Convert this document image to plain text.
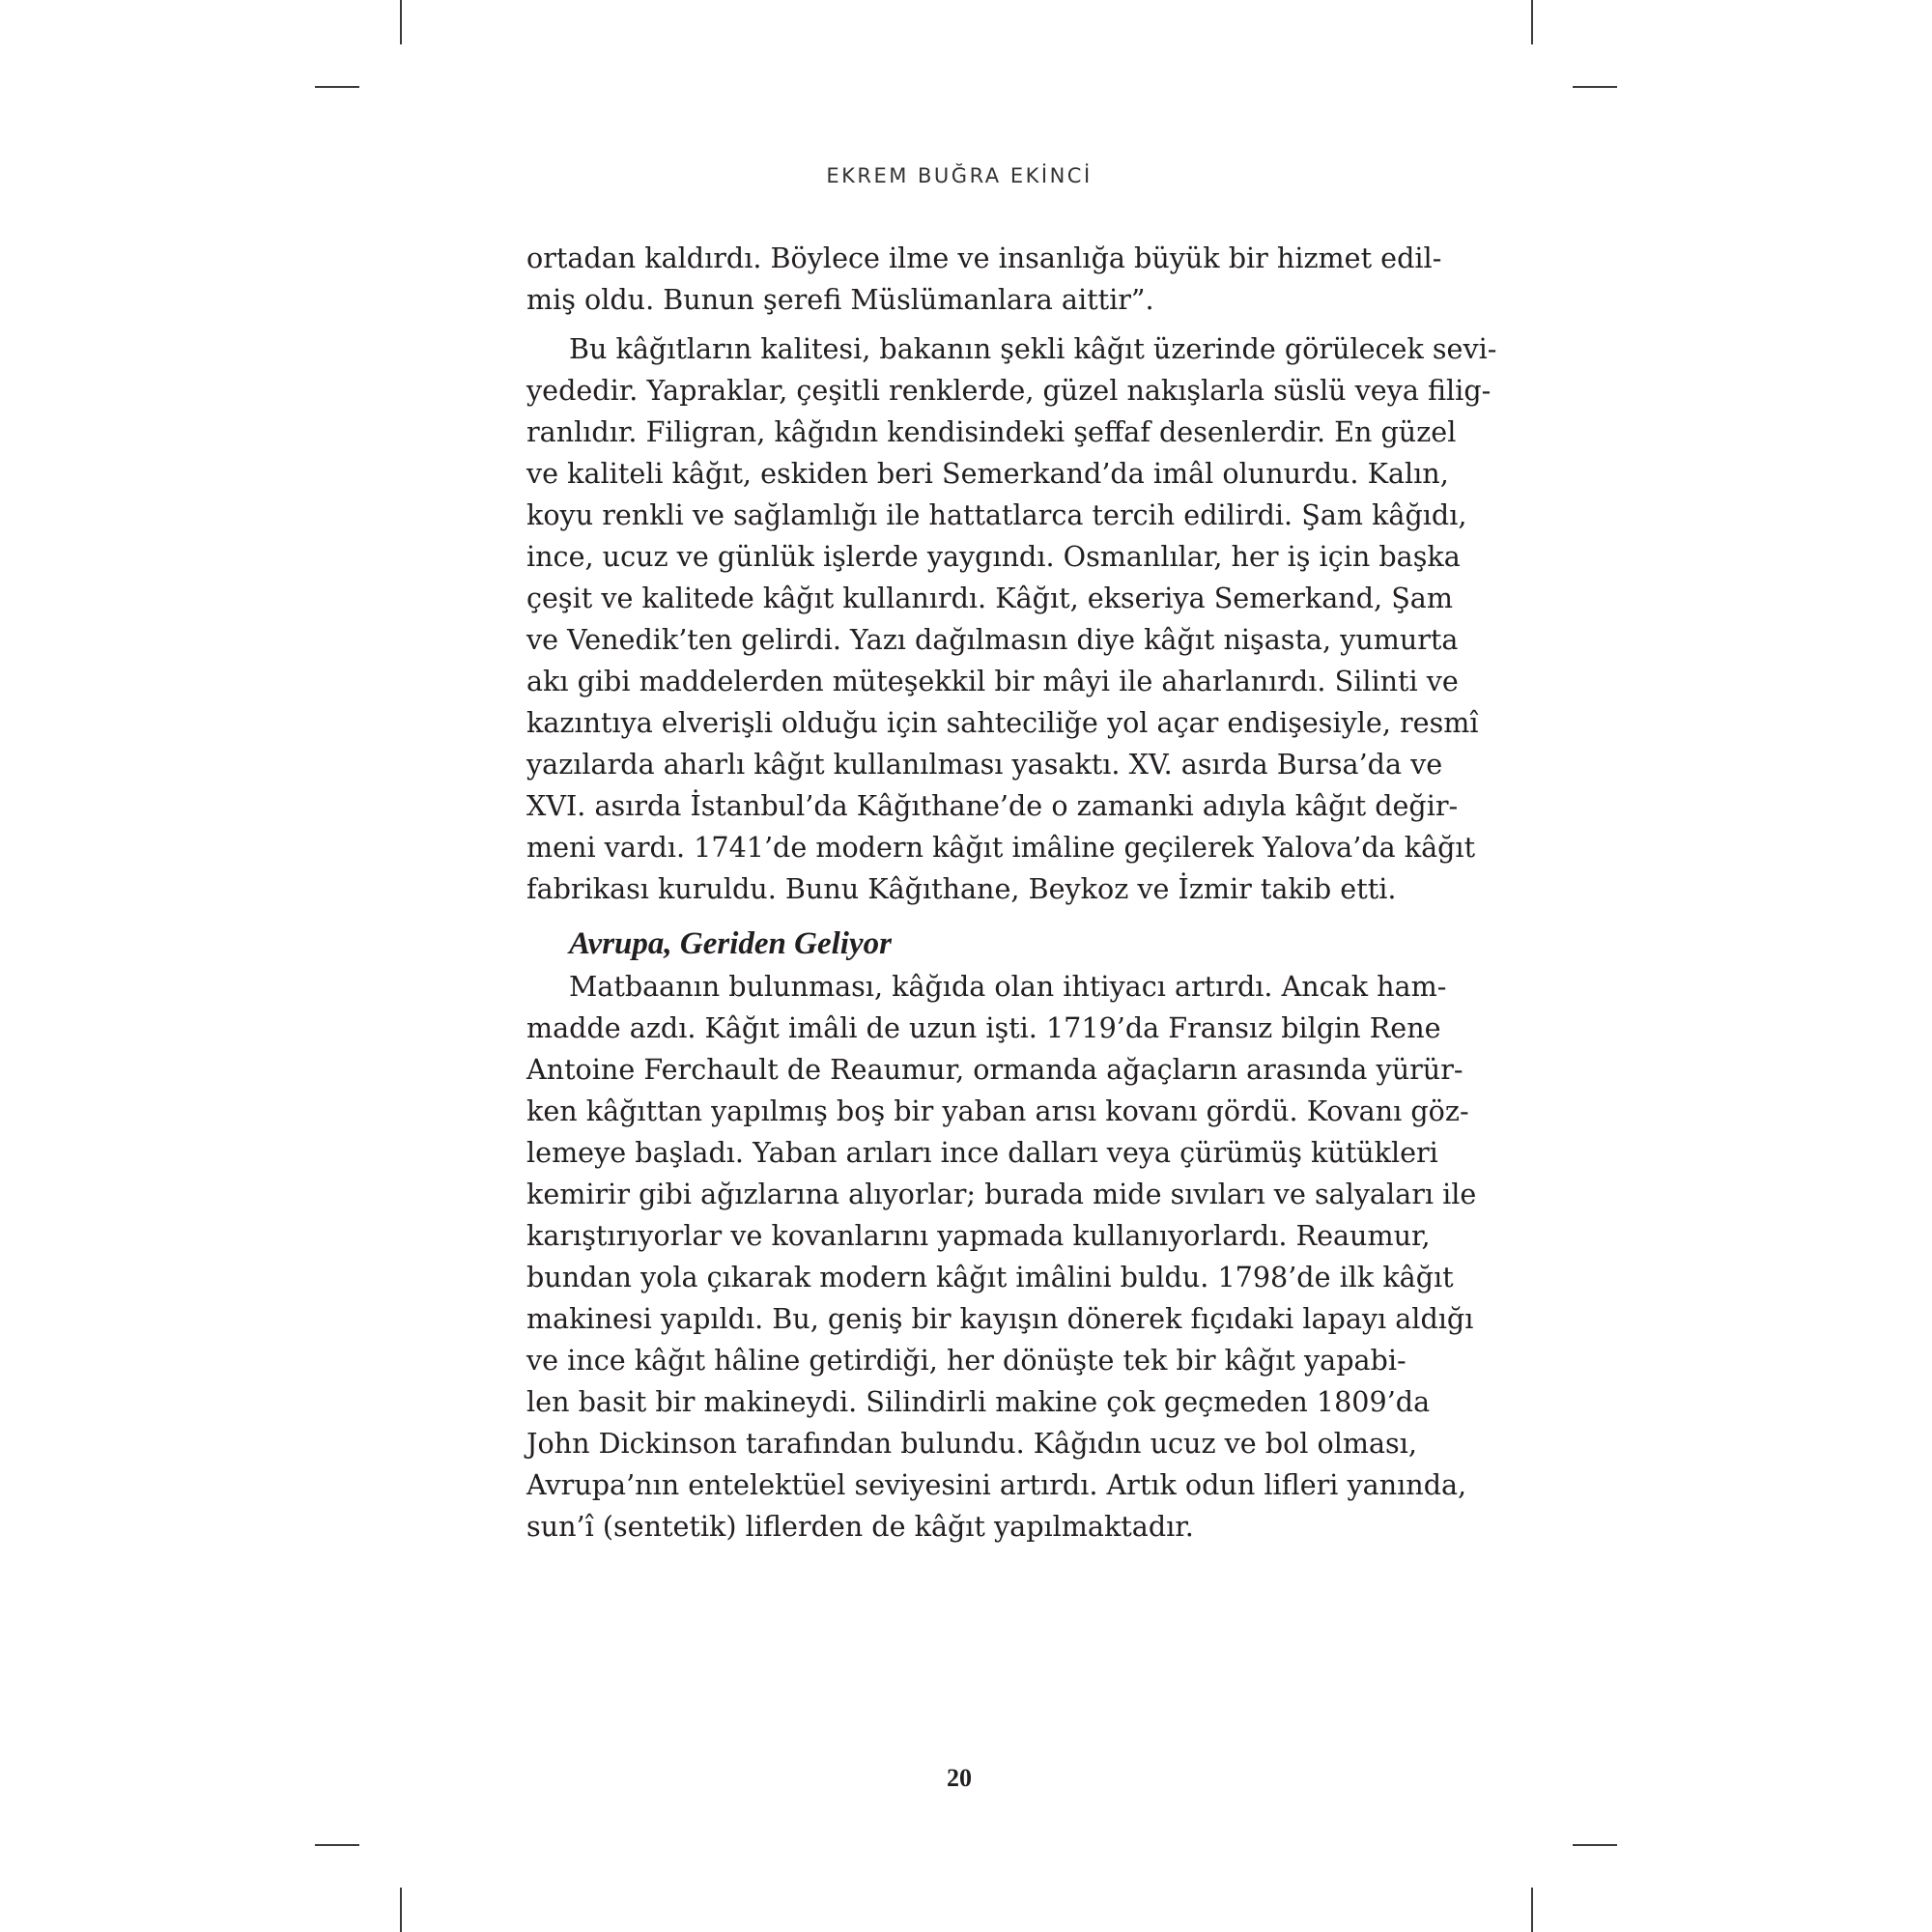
EKREM BUĞRA EKİNCİ
ortadan kaldırdı. Böylece ilme ve insanlığa büyük bir hizmet edil-
miş oldu. Bunun şerefi Müslümanlara aittir”.
Bu kâğıtların kalitesi, bakanın şekli kâğıt üzerinde görülecek sevi-
yededir. Yapraklar, çeşitli renklerde, güzel nakışlarla süslü veya filig-
ranlıdır. Filigran, kâğıdın kendisindeki şeffaf desenlerdir. En güzel
ve kaliteli kâğıt, eskiden beri Semerkand’da imâl olunurdu. Kalın,
koyu renkli ve sağlamlığı ile hattatlarca tercih edilirdi. Şam kâğıdı,
ince, ucuz ve günlük işlerde yaygındı. Osmanlılar, her iş için başka
çeşit ve kalitede kâğıt kullanırdı. Kâğıt, ekseriya Semerkand, Şam
ve Venedik’ten gelirdi. Yazı dağılmasın diye kâğıt nişasta, yumurta
akı gibi maddelerden müteşekkil bir mâyi ile aharlanırdı. Silinti ve
kazıntıya elverişli olduğu için sahteciliğe yol açar endişesiyle, resmî
yazılarda aharlı kâğıt kullanılması yasaktı. XV. asırda Bursa’da ve
XVI. asırda İstanbul’da Kâğıthane’de o zamanki adıyla kâğıt değir-
meni vardı. 1741’de modern kâğıt imâline geçilerek Yalova’da kâğıt
fabrikası kuruldu. Bunu Kâğıthane, Beykoz ve İzmir takib etti.
Avrupa, Geriden Geliyor
Matbaanın bulunması, kâğıda olan ihtiyacı artırdı. Ancak ham-
madde azdı. Kâğıt imâli de uzun işti. 1719’da Fransız bilgin Rene
Antoine Ferchault de Reaumur, ormanda ağaçların arasında yürür-
ken kâğıttan yapılmış boş bir yaban arısı kovanı gördü. Kovanı göz-
lemeye başladı. Yaban arıları ince dalları veya çürümüş kütükleri
kemirir gibi ağızlarına alıyorlar; burada mide sıvıları ve salyaları ile
karıştırıyorlar ve kovanlarını yapmada kullanıyorlardı. Reaumur,
bundan yola çıkarak modern kâğıt imâlini buldu. 1798’de ilk kâğıt
makinesi yapıldı. Bu, geniş bir kayışın dönerek fıçıdaki lapayı aldığı
ve ince kâğıt hâline getirdiği, her dönüşte tek bir kâğıt yapabi-
len basit bir makineydi. Silindirli makine çok geçmeden 1809’da
John Dickinson tarafından bulundu. Kâğıdın ucuz ve bol olması,
Avrupa’nın entelektüel seviyesini artırdı. Artık odun lifleri yanında,
sun’î (sentetik) liflerden de kâğıt yapılmaktadır.
20
